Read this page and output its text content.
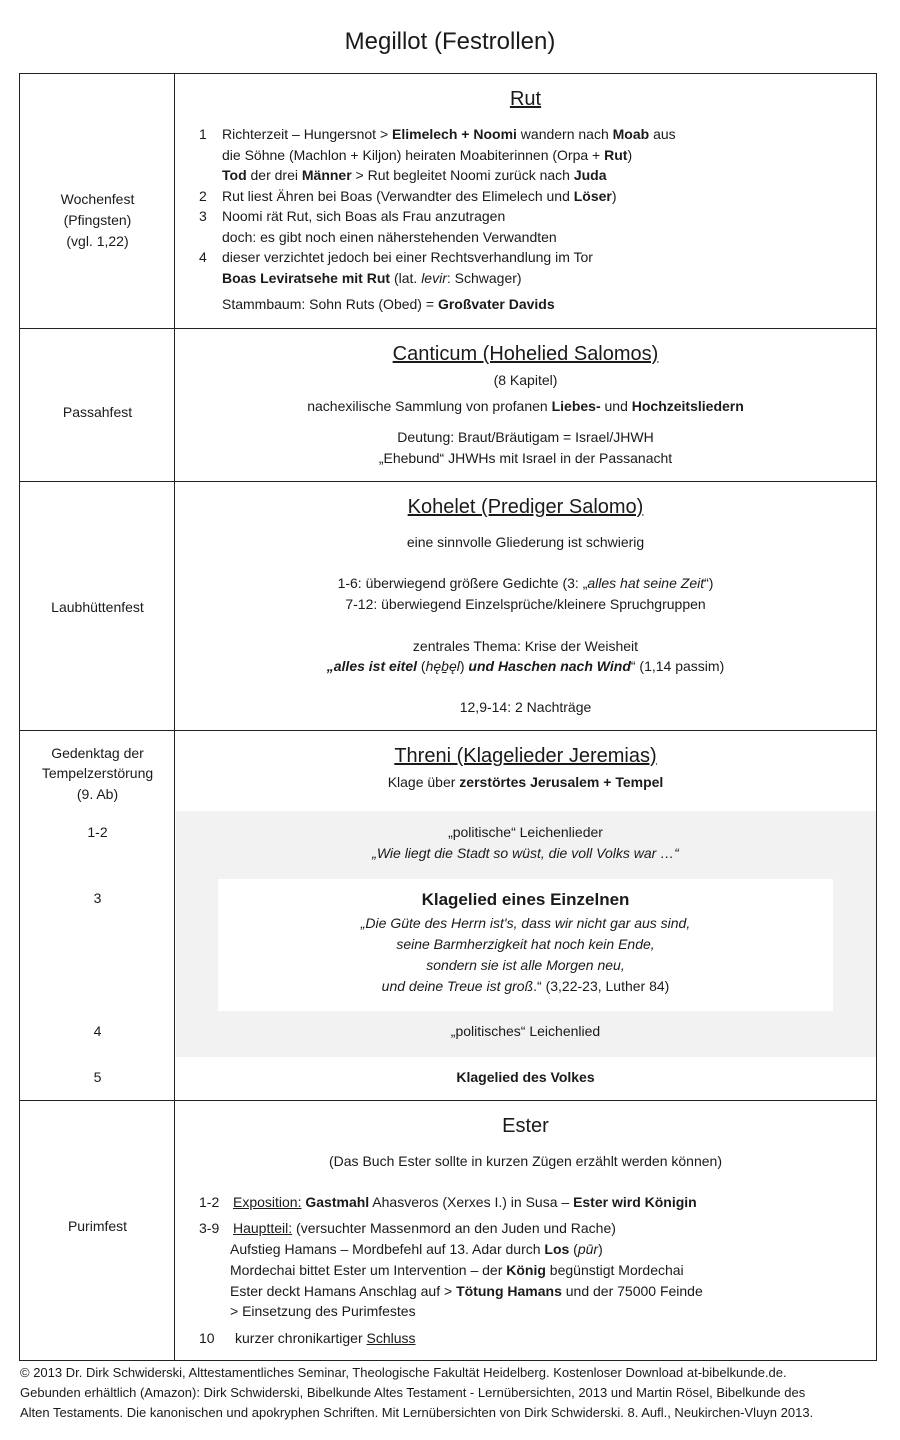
Megillot (Festrollen)
Wochenfest
(Pfingsten)
(vgl. 1,22)
Rut
1 Richterzeit – Hungersnot > Elimelech + Noomi wandern nach Moab aus
die Söhne (Machlon + Kiljon) heiraten Moabiterinnen (Orpa + Rut)
Tod der drei Männer > Rut begleitet Noomi zurück nach Juda
2 Rut liest Ähren bei Boas (Verwandter des Elimelech und Löser)
3 Noomi rät Rut, sich Boas als Frau anzutragen
doch: es gibt noch einen näherstehenden Verwandten
4 dieser verzichtet jedoch bei einer Rechtsverhandlung im Tor
Boas Leviratsehe mit Rut (lat. levir: Schwager)
Stammbaum: Sohn Ruts (Obed) = Großvater Davids
Passahfest
Canticum (Hohelied Salomos)
(8 Kapitel)
nachexilische Sammlung von profanen Liebes- und Hochzeitsliedern
Deutung: Braut/Bräutigam = Israel/JHWH
„Ehebund“ JHWHs mit Israel in der Passanacht
Laubhüttenfest
Kohelet (Prediger Salomo)
eine sinnvolle Gliederung ist schwierig
1-6: überwiegend größere Gedichte (3: „alles hat seine Zeit“)
7-12: überwiegend Einzelsprüche/kleinere Spruchgruppen
zentrales Thema: Krise der Weisheit
„alles ist eitel (hęḇęl) und Haschen nach Wind“ (1,14 passim)
12,9-14: 2 Nachträge
Gedenktag der
Tempelzerstörung
(9. Ab)
1-2
3
4
5
Threni (Klagelieder Jeremias)
Klage über zerstörtes Jerusalem + Tempel
„politische“ Leichenlieder
„Wie liegt die Stadt so wüst, die voll Volks war …“
Klagelied eines Einzelnen
„Die Güte des Herrn ist's, dass wir nicht gar aus sind,
seine Barmherzigkeit hat noch kein Ende,
sondern sie ist alle Morgen neu,
und deine Treue ist groß.“ (3,22-23, Luther 84)
„politisches“ Leichenlied
Klagelied des Volkes
Purimfest
Ester
(Das Buch Ester sollte in kurzen Zügen erzählt werden können)
1-2 Exposition: Gastmahl Ahasveros (Xerxes I.) in Susa – Ester wird Königin
3-9 Hauptteil: (versuchter Massenmord an den Juden und Rache)
Aufstieg Hamans – Mordbefehl auf 13. Adar durch Los (pūr)
Mordechai bittet Ester um Intervention – der König begünstigt Mordechai
Ester deckt Hamans Anschlag auf > Tötung Hamans und der 75000 Feinde
> Einsetzung des Purimfestes
10 kurzer chronikartiger Schluss
© 2013 Dr. Dirk Schwiderski, Alttestamentliches Seminar, Theologische Fakultät Heidelberg. Kostenloser Download at-bibelkunde.de.
Gebunden erhältlich (Amazon): Dirk Schwiderski, Bibelkunde Altes Testament - Lernübersichten, 2013 und Martin Rösel, Bibelkunde des
Alten Testaments. Die kanonischen und apokryphen Schriften. Mit Lernübersichten von Dirk Schwiderski. 8. Aufl., Neukirchen-Vluyn 2013.
